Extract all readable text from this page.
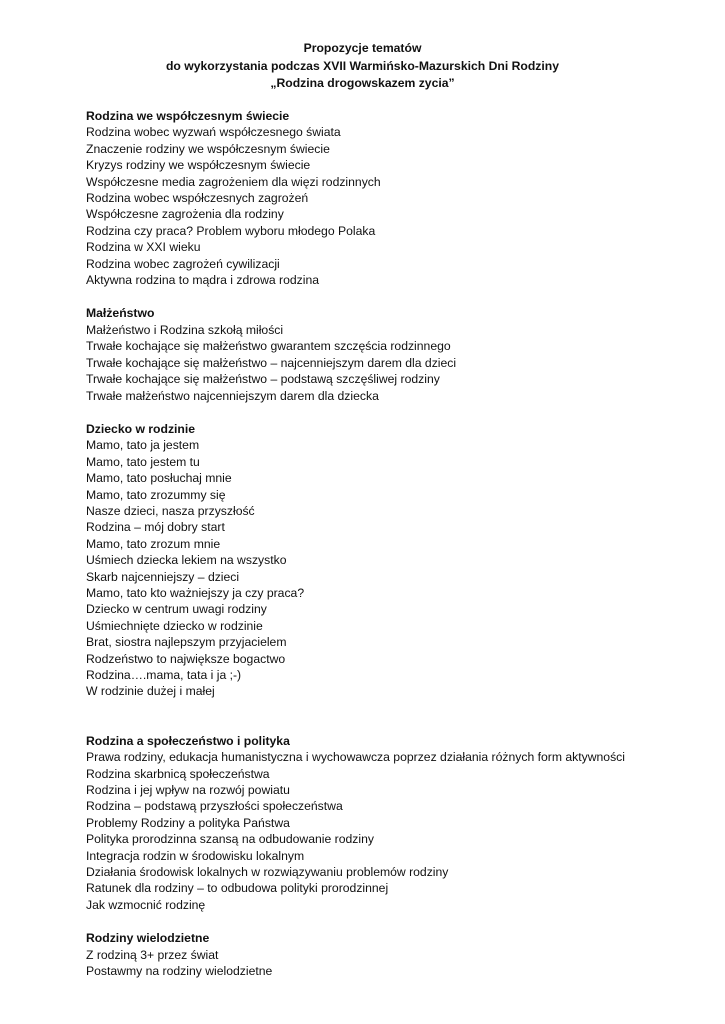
Propozycje tematów

do wykorzystania podczas XVII Warmińsko-Mazurskich Dni Rodziny

„Rodzina drogowskazem zycia”

Rodzina we współczesnym świecie

Rodzina wobec wyzwań współczesnego świata

Znaczenie rodziny we współczesnym świecie

Kryzys rodziny we współczesnym świecie

Współczesne media zagrożeniem dla więzi rodzinnych

Rodzina wobec współczesnych zagrożeń

Współczesne zagrożenia dla rodziny

Rodzina czy praca? Problem wyboru młodego Polaka

Rodzina w XXI wieku

Rodzina wobec zagrożeń cywilizacji

Aktywna rodzina to mądra i zdrowa rodzina

Małżeństwo

Małżeństwo i Rodzina szkołą miłości

Trwałe kochające się małżeństwo gwarantem szczęścia rodzinnego

Trwałe kochające się małżeństwo – najcenniejszym darem dla dzieci

Trwałe kochające się małżeństwo – podstawą szczęśliwej rodziny

Trwałe małżeństwo najcenniejszym darem dla dziecka

Dziecko w rodzinie

Mamo, tato ja jestem

Mamo, tato jestem tu

Mamo, tato posłuchaj mnie

Mamo, tato zrozummy się

Nasze dzieci, nasza przyszłość

Rodzina – mój dobry start

Mamo, tato zrozum mnie

Uśmiech dziecka lekiem na wszystko

Skarb najcenniejszy – dzieci

Mamo, tato kto ważniejszy ja czy praca?

Dziecko w centrum uwagi rodziny

Uśmiechnięte dziecko w rodzinie

Brat, siostra najlepszym przyjacielem

Rodzeństwo to największe bogactwo

Rodzina….mama, tata i ja ;-)

W rodzinie dużej i małej

Rodzina a społeczeństwo i polityka

Prawa rodziny, edukacja humanistyczna i wychowawcza poprzez działania różnych form aktywności

Rodzina skarbnicą społeczeństwa

Rodzina i jej wpływ na rozwój powiatu

Rodzina – podstawą przyszłości społeczeństwa

Problemy Rodziny a polityka Państwa

Polityka prorodzinna szansą na odbudowanie rodziny

Integracja rodzin w środowisku lokalnym

Działania środowisk lokalnych w rozwiązywaniu problemów rodziny

Ratunek dla rodziny – to odbudowa polityki prorodzinnej

Jak wzmocnić rodzinę

Rodziny wielodzietne

Z rodziną 3+ przez świat

Postawmy na rodziny wielodzietne
